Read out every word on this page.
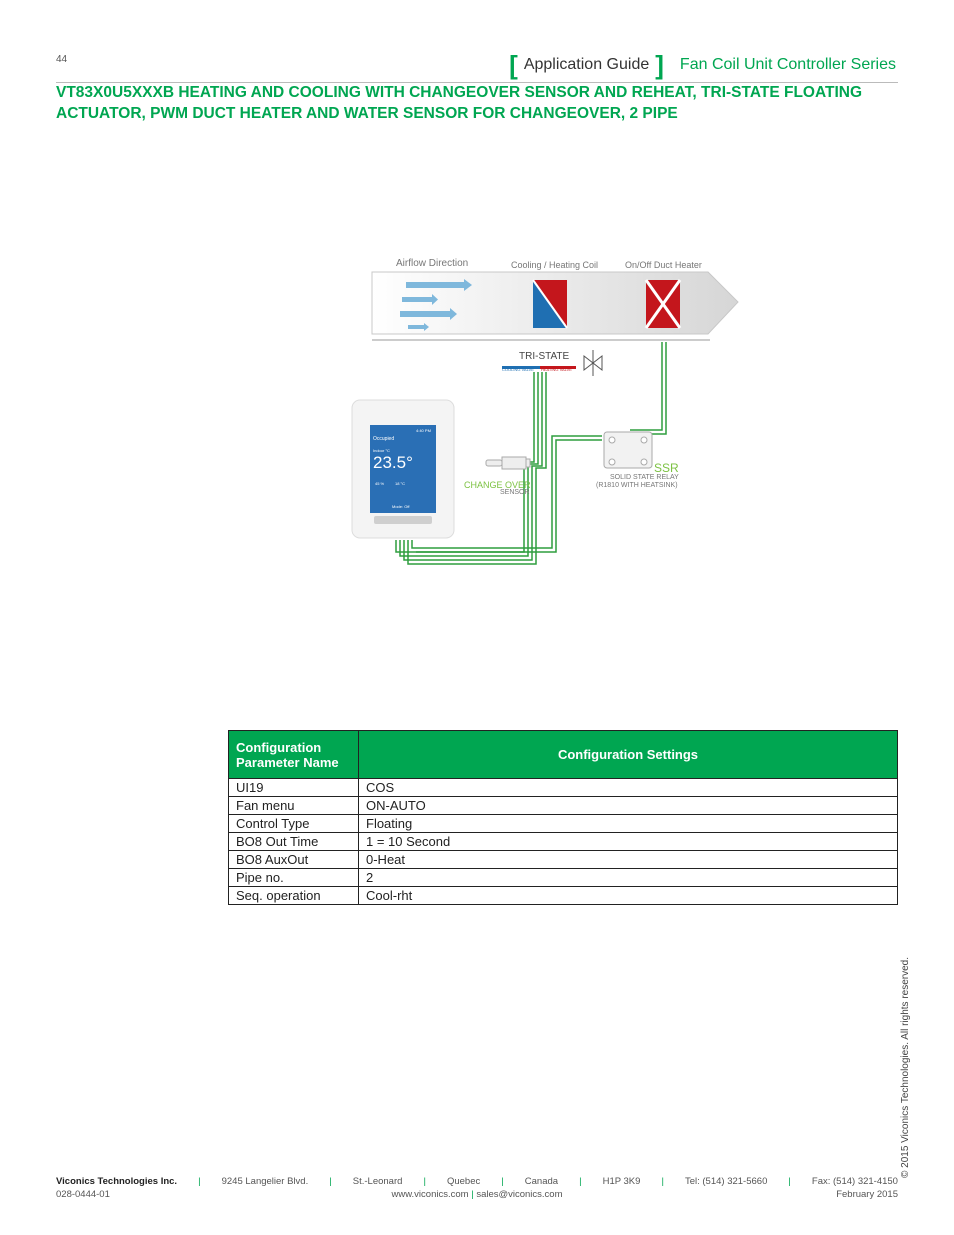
44	[ Application Guide ] Fan Coil Unit Controller Series
VT83X0U5XXXB HEATING AND COOLING WITH CHANGEOVER SENSOR AND REHEAT, TRI-STATE FLOATING ACTUATOR, PWM DUCT HEATER AND WATER SENSOR FOR CHANGEOVER, 2 PIPE
Airflow Direction	Cooling / Heating Coil	On/Off Duct Heater
TRI-STATE
COOLING VALVE HEATING VALVE
SSR
SOLID STATE RELAY
(R1810 WITH HEATSINK)
CHANGE OVER
SENSOR
Occupied
4:40 PM
Indoor °C
23.5°
45 %	18 °C
Mode: Off
Configuration Parameter Name	Configuration Settings
UI19	COS
Fan menu	ON-AUTO
Control Type	Floating
BO8 Out Time	1 = 10 Second
BO8 AuxOut	0-Heat
Pipe no.	2
Seq. operation	Cool-rht
© 2015 Viconics Technologies. All rights reserved.
Viconics Technologies Inc. | 9245 Langelier Blvd. | St.-Leonard | Quebec | Canada | H1P 3K9 | Tel: (514) 321-5660 | Fax: (514) 321-4150
028-0444-01	www.viconics.com | sales@viconics.com	February 2015
